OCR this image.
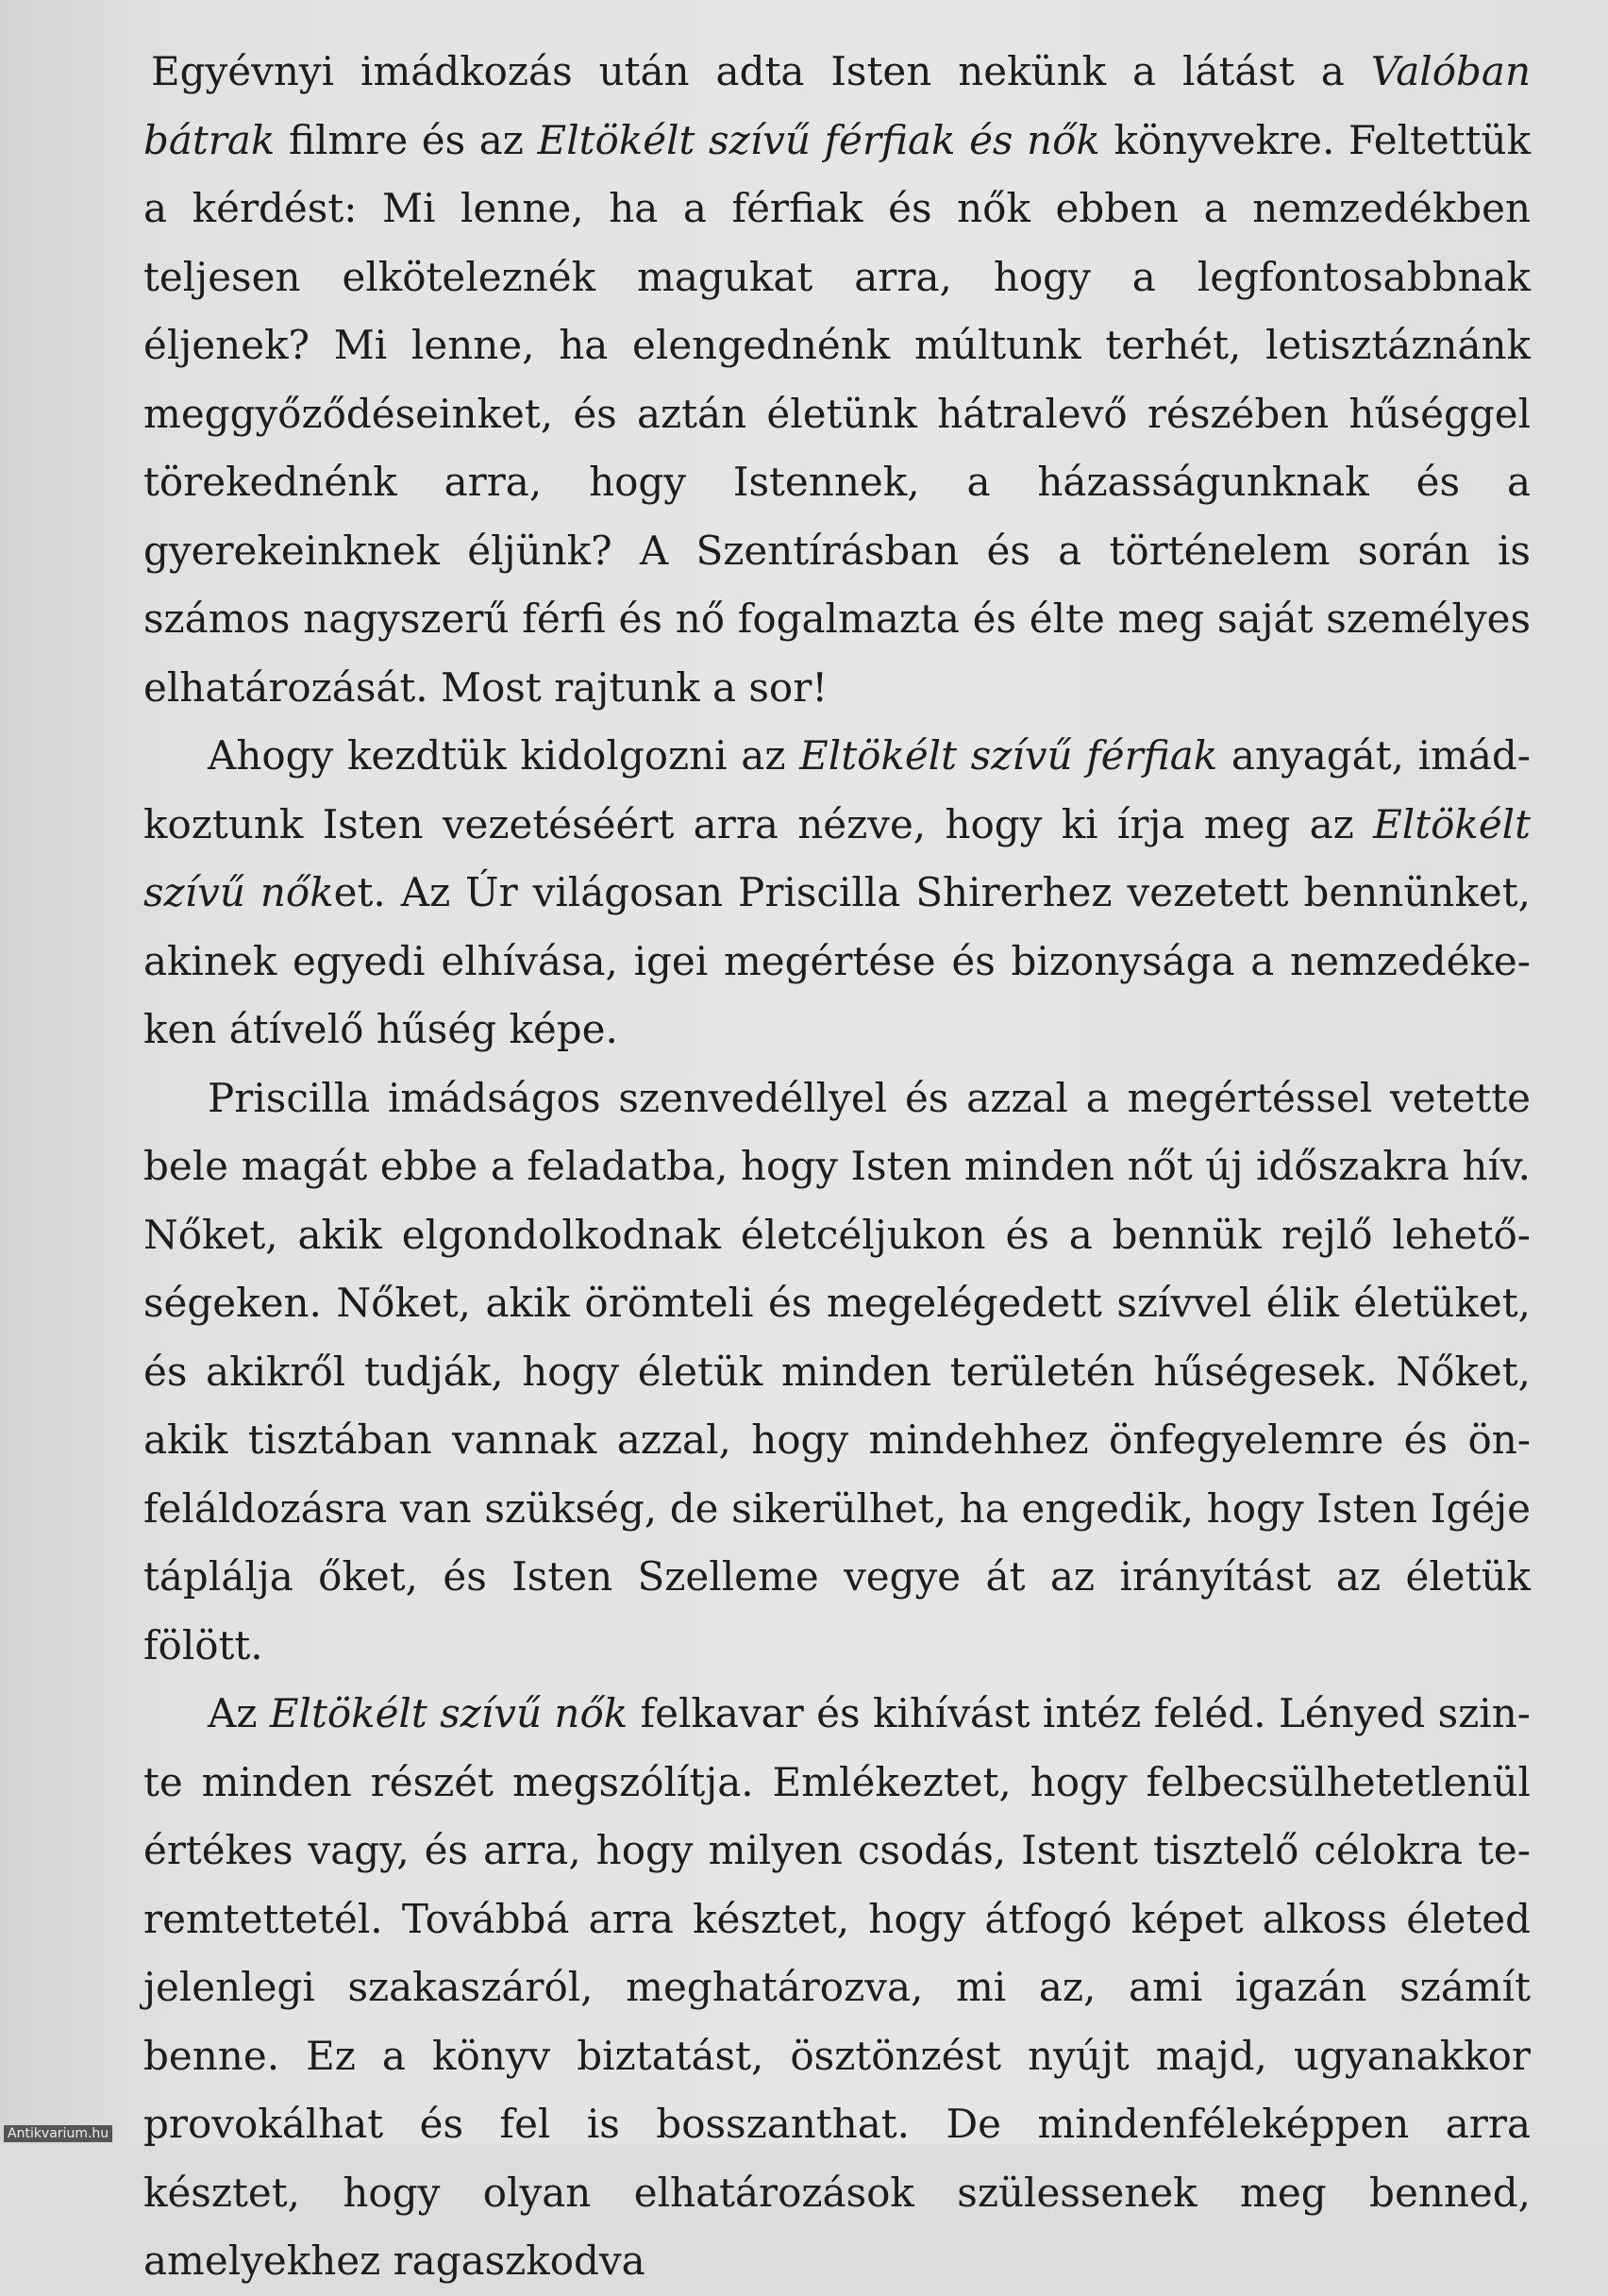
Egyévnyi imádkozás után adta Isten nekünk a látást a Valóban bátrak filmre és az Eltökélt szívű férfiak és nők könyvekre. Feltettük a kérdést: Mi lenne, ha a férfiak és nők ebben a nemzedékben teljesen elköteleznék magukat arra, hogy a legfontosabbnak éljenek? Mi lenne, ha elengednénk múltunk terhét, letisztáznánk meggyőződéseinket, és aztán életünk hátralevő részében hűséggel törekednénk arra, hogy Istennek, a házasságunknak és a gyerekeinknek éljünk? A Szentírásban és a történelem során is számos nagyszerű férfi és nő fogalmazta és élte meg saját személyes elhatározását. Most rajtunk a sor!

Ahogy kezdtük kidolgozni az Eltökélt szívű férfiak anyagát, imádkoztunk Isten vezetéséért arra nézve, hogy ki írja meg az Eltökélt szívű nőket. Az Úr világosan Priscilla Shirerhez vezetett bennünket, akinek egyedi elhívása, igei megértése és bizonysága a nemzedékeken átívelő hűség képe.

Priscilla imádságos szenvedéllyel és azzal a megértéssel vetette bele magát ebbe a feladatba, hogy Isten minden nőt új időszakra hív. Nőket, akik elgondolkodnak életcéljukon és a bennük rejlő lehetőségeken. Nőket, akik örömteli és megelégedett szívvel élik életüket, és akikről tudják, hogy életük minden területén hűségesek. Nőket, akik tisztában vannak azzal, hogy mindehhez önfegyelemre és önfeláldozásra van szükség, de sikerülhet, ha engedik, hogy Isten Igéje táplálja őket, és Isten Szelleme vegye át az irányítást az életük fölött.

Az Eltökélt szívű nők felkavar és kihívást intéz feléd. Lényed szinte minden részét megszólítja. Emlékeztet, hogy felbecsülhetetlenül értékes vagy, és arra, hogy milyen csodás, Istent tisztelő célokra teremtettetél. Továbbá arra késztet, hogy átfogó képet alkoss életed jelenlegi szakaszáról, meghatározva, mi az, ami igazán számít benne. Ez a könyv biztatást, ösztönzést nyújt majd, ugyanakkor provokálhat és fel is bosszanthat. De mindenféleképpen arra késztet, hogy olyan elhatározások szülessenek meg benned, amelyekhez ragaszkodva

Antikvarium.hu
